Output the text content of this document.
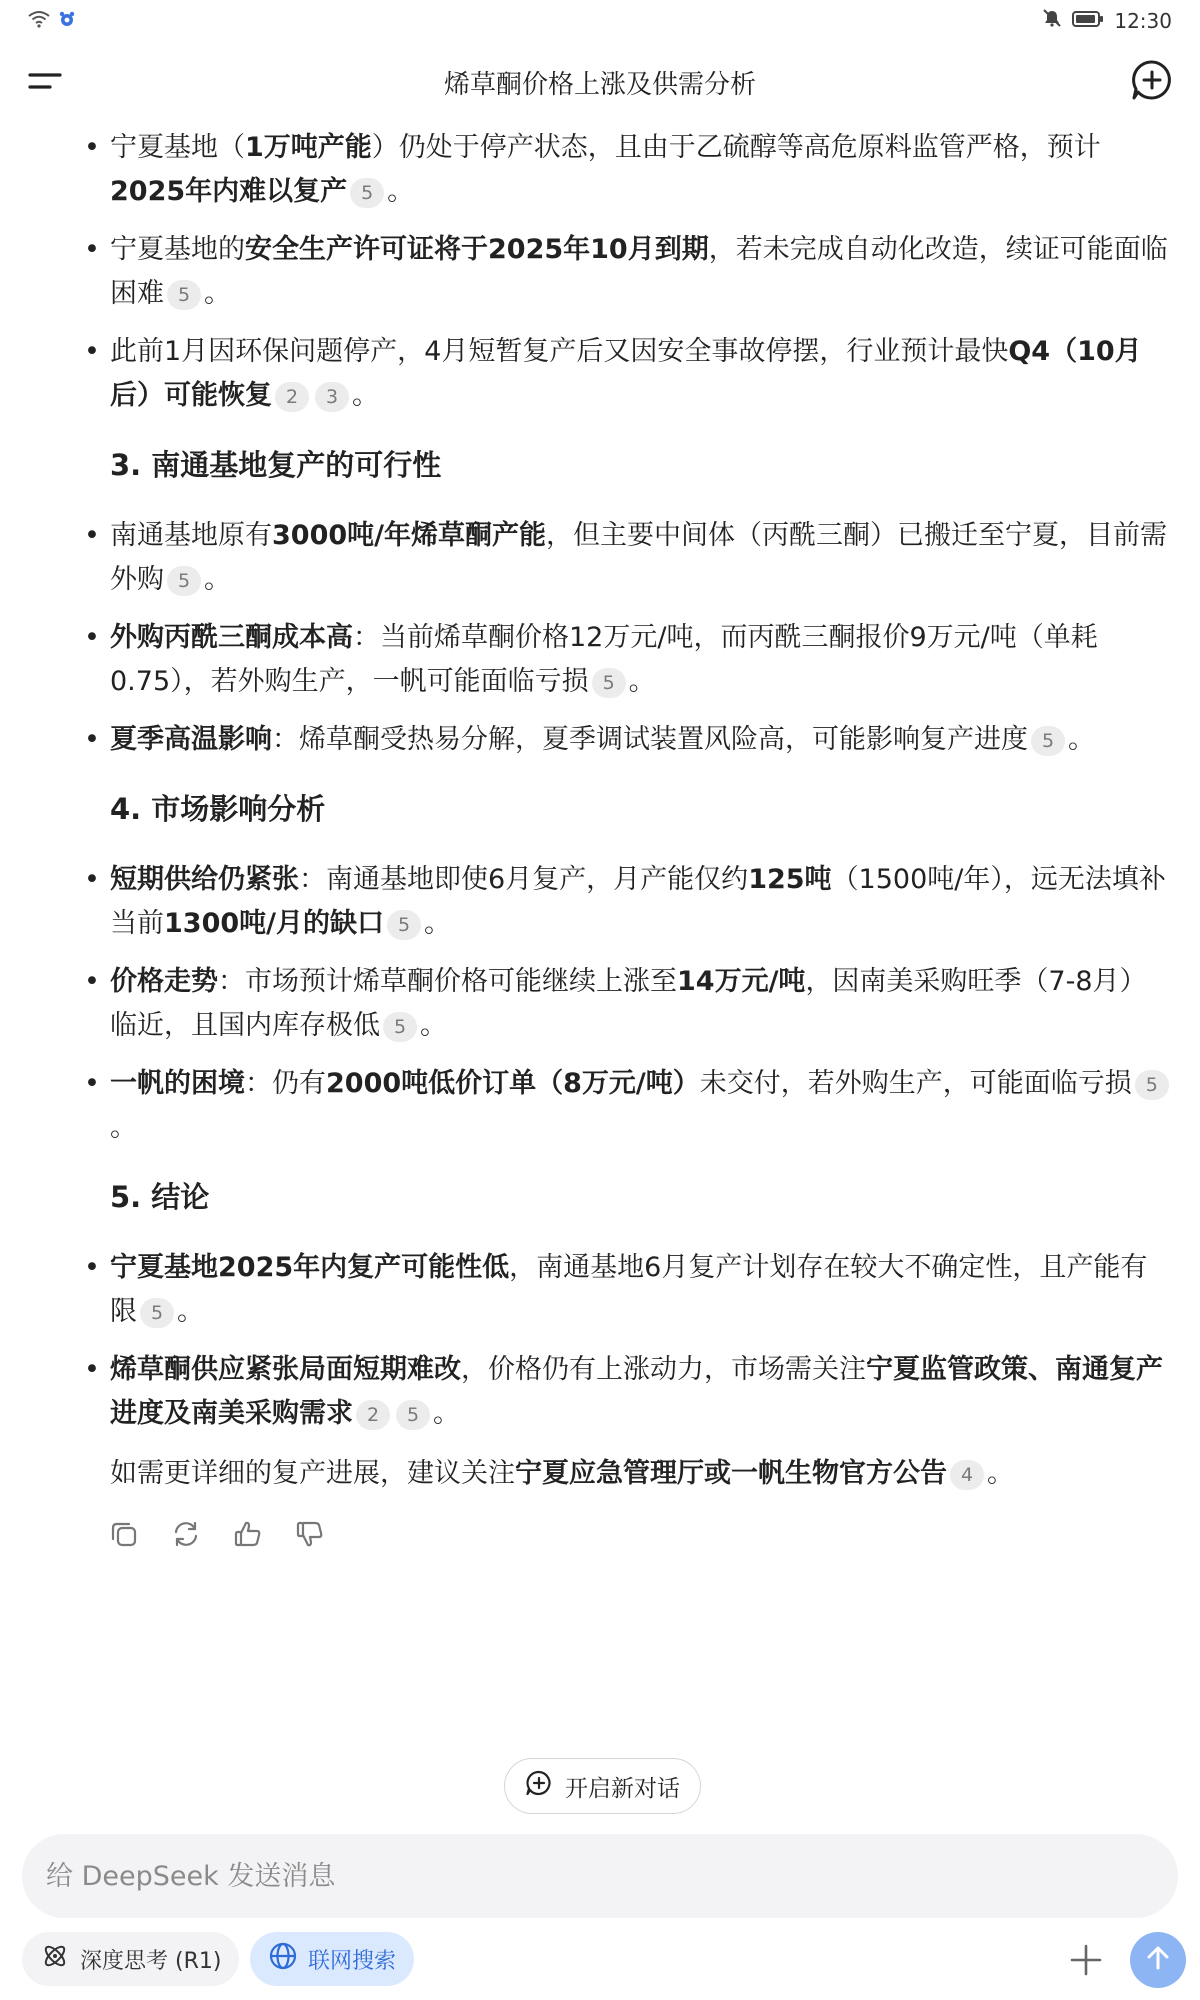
12:30
烯草酮价格上涨及供需分析
• 宁夏基地（1万吨产能）仍处于停产状态，且由于乙硫醇等高危原料监管严格，预计2025年内难以复产 5 。
• 宁夏基地的安全生产许可证将于2025年10月到期，若未完成自动化改造，续证可能面临困难 5 。
• 此前1月因环保问题停产，4月短暂复产后又因安全事故停摆，行业预计最快Q4（10月后）可能恢复 2 3 。
3. 南通基地复产的可行性
• 南通基地原有3000吨/年烯草酮产能，但主要中间体（丙酰三酮）已搬迁至宁夏，目前需外购 5 。
• 外购丙酰三酮成本高：当前烯草酮价格12万元/吨，而丙酰三酮报价9万元/吨（单耗0.75），若外购生产，一帆可能面临亏损 5 。
• 夏季高温影响：烯草酮受热易分解，夏季调试装置风险高，可能影响复产进度 5 。
4. 市场影响分析
• 短期供给仍紧张：南通基地即使6月复产，月产能仅约125吨（1500吨/年），远无法填补当前1300吨/月的缺口 5 。
• 价格走势：市场预计烯草酮价格可能继续上涨至14万元/吨，因南美采购旺季（7-8月）临近，且国内库存极低 5 。
• 一帆的困境：仍有2000吨低价订单（8万元/吨）未交付，若外购生产，可能面临亏损 5。
5. 结论
• 宁夏基地2025年内复产可能性低，南通基地6月复产计划存在较大不确定性，且产能有限 5 。
• 烯草酮供应紧张局面短期难改，价格仍有上涨动力，市场需关注宁夏监管政策、南通复产进度及南美采购需求 2 5 。
如需更详细的复产进展，建议关注宁夏应急管理厅或一帆生物官方公告 4 。
开启新对话
给 DeepSeek 发送消息
深度思考 (R1)	联网搜索
